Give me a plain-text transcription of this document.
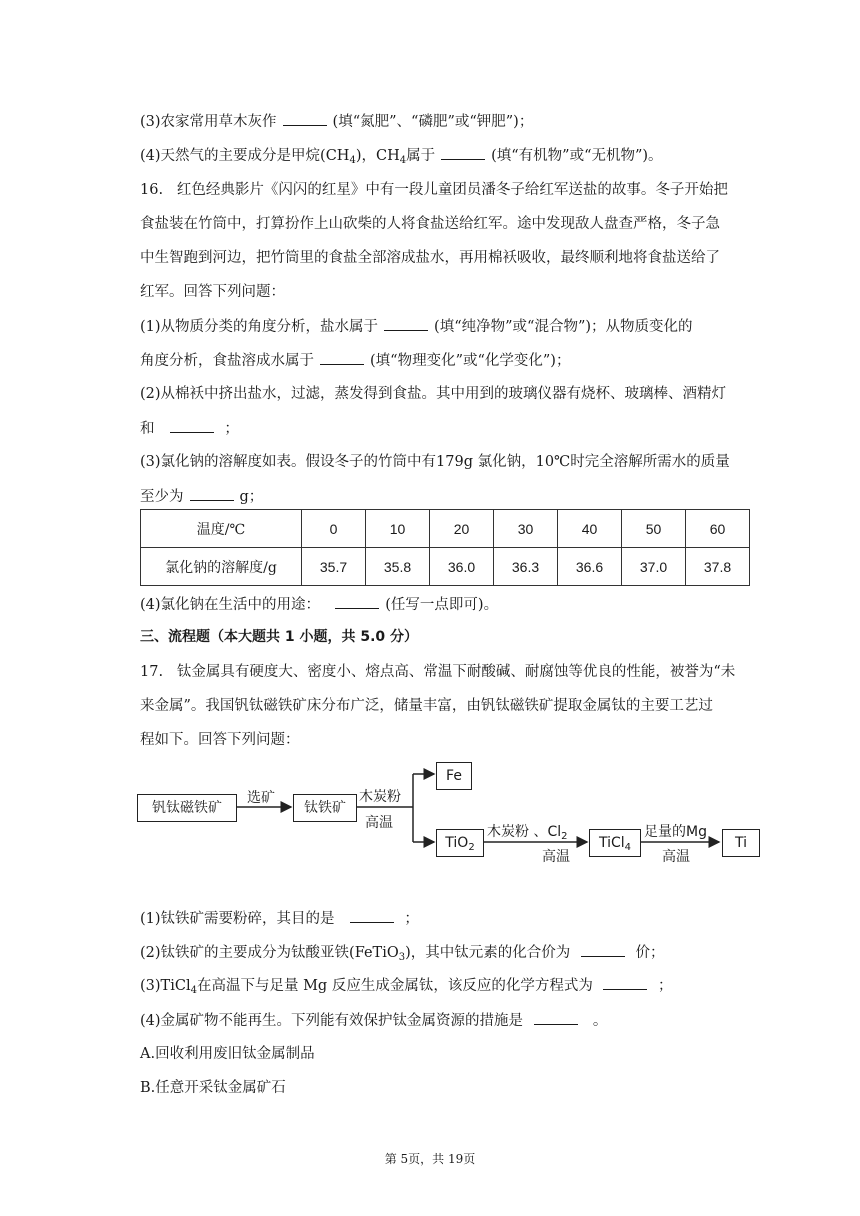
(3)农家常用草木灰作	(填“氮肥”、“磷肥”或“钾肥”)；
(4)天然气的主要成分是甲烷$(CH_4)$，$CH_4$属于	(填“有机物”或“无机物”)。
16. 红色经典影片《闪闪的红星》中有一段儿童团员潘冬子给红军送盐的故事。冬子开始把
食盐装在竹筒中，打算扮作上山砍柴的人将食盐送给红军。途中发现敌人盘查严格，冬子急
中生智跑到河边，把竹筒里的食盐全部溶成盐水，再用棉袄吸收，最终顺利地将食盐送给了
红军。回答下列问题：
(1)从物质分类的角度分析，盐水属于	(填“纯净物”或“混合物”)；从物质变化的
角度分析，食盐溶成水属于	(填“物理变化”或“化学变化”)；
(2)从棉袄中挤出盐水，过滤，蒸发得到食盐。其中用到的玻璃仪器有烧杯、玻璃棒、酒精灯
和	；
(3)氯化钠的溶解度如表。假设冬子的竹筒中有179g 氯化钠，10℃时完全溶解所需水的质量
至少为	g；
温度/℃	0	10	20	30	40	50	60
氯化钠的溶解度/g	35.7	35.8	36.0	36.3	36.6	37.0	37.8
(4)氯化钠在生活中的用途：	(任写一点即可)。
三、流程题（本大题共 1 小题，共 5.0 分）
17. 钛金属具有硬度大、密度小、熔点高、常温下耐酸碱、耐腐蚀等优良的性能，被誉为“未
来金属”。我国钒钛磁铁矿床分布广泛，储量丰富，由钒钛磁铁矿提取金属钛的主要工艺过
程如下。回答下列问题：
钒钛磁铁矿
选矿
钛铁矿
木炭粉
高温
Fe
TiO$_2$
木炭粉 、$Cl_2$
高温
TiCl$_4$
足量的Mg
高温
Ti
(1)钛铁矿需要粉碎，其目的是	；
(2)钛铁矿的主要成分为钛酸亚铁(FeTiO$_3$)，其中钛元素的化合价为	价；
(3)TiCl$_4$在高温下与足量 Mg 反应生成金属钛，该反应的化学方程式为	；
(4)金属矿物不能再生。下列能有效保护钛金属资源的措施是	。
A.回收利用废旧钛金属制品
B.任意开采钛金属矿石
第 5页，共 19页
